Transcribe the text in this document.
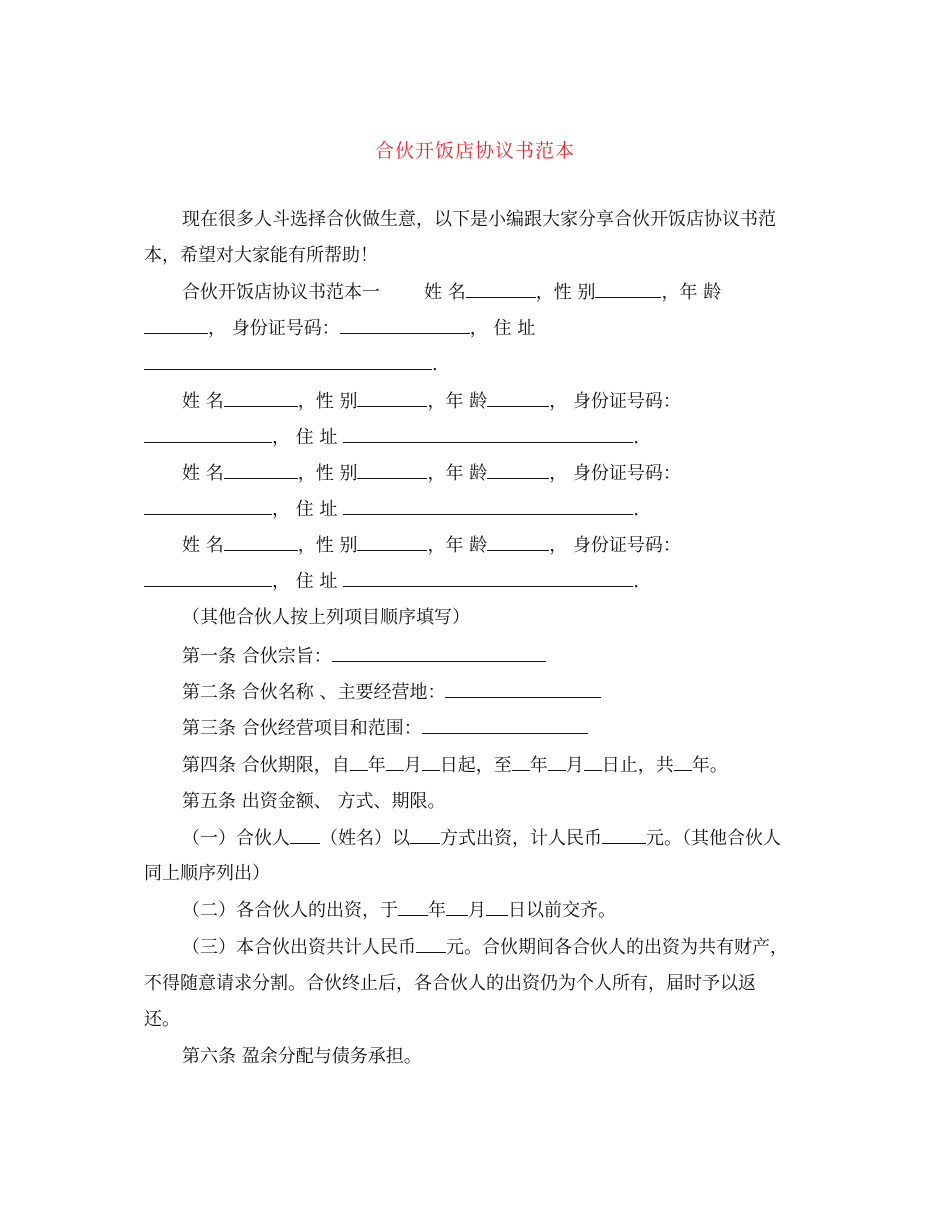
合伙开饭店协议书范本
现在很多人斗选择合伙做生意，以下是小编跟大家分享合伙开饭店协议书范
本，希望对大家能有所帮助！
合伙开饭店协议书范本一 姓 名	，性 别	，年 龄
， 身份证号码：	， 住 址
.
姓 名	，性 别	，年 龄	， 身份证号码：
， 住 址	.
姓 名	，性 别	，年 龄	， 身份证号码：
， 住 址	.
姓 名	，性 别	，年 龄	， 身份证号码：
， 住 址	.
（其他合伙人按上列项目顺序填写）
第一条 合伙宗旨：
第二条 合伙名称 、主要经营地：
第三条 合伙经营项目和范围：
第四条 合伙期限，自 年 月 日起，至 年 月 日止，共 年。
第五条 出资金额、 方式、期限。
（一）合伙人 （姓名）以 方式出资，计人民币 元。（其他合伙人
同上顺序列出）
（二）各合伙人的出资，于 年 月 日以前交齐。
（三）本合伙出资共计人民币 元。合伙期间各合伙人的出资为共有财产，
不得随意请求分割。合伙终止后，各合伙人的出资仍为个人所有，届时予以返
还。
第六条 盈余分配与债务承担。
